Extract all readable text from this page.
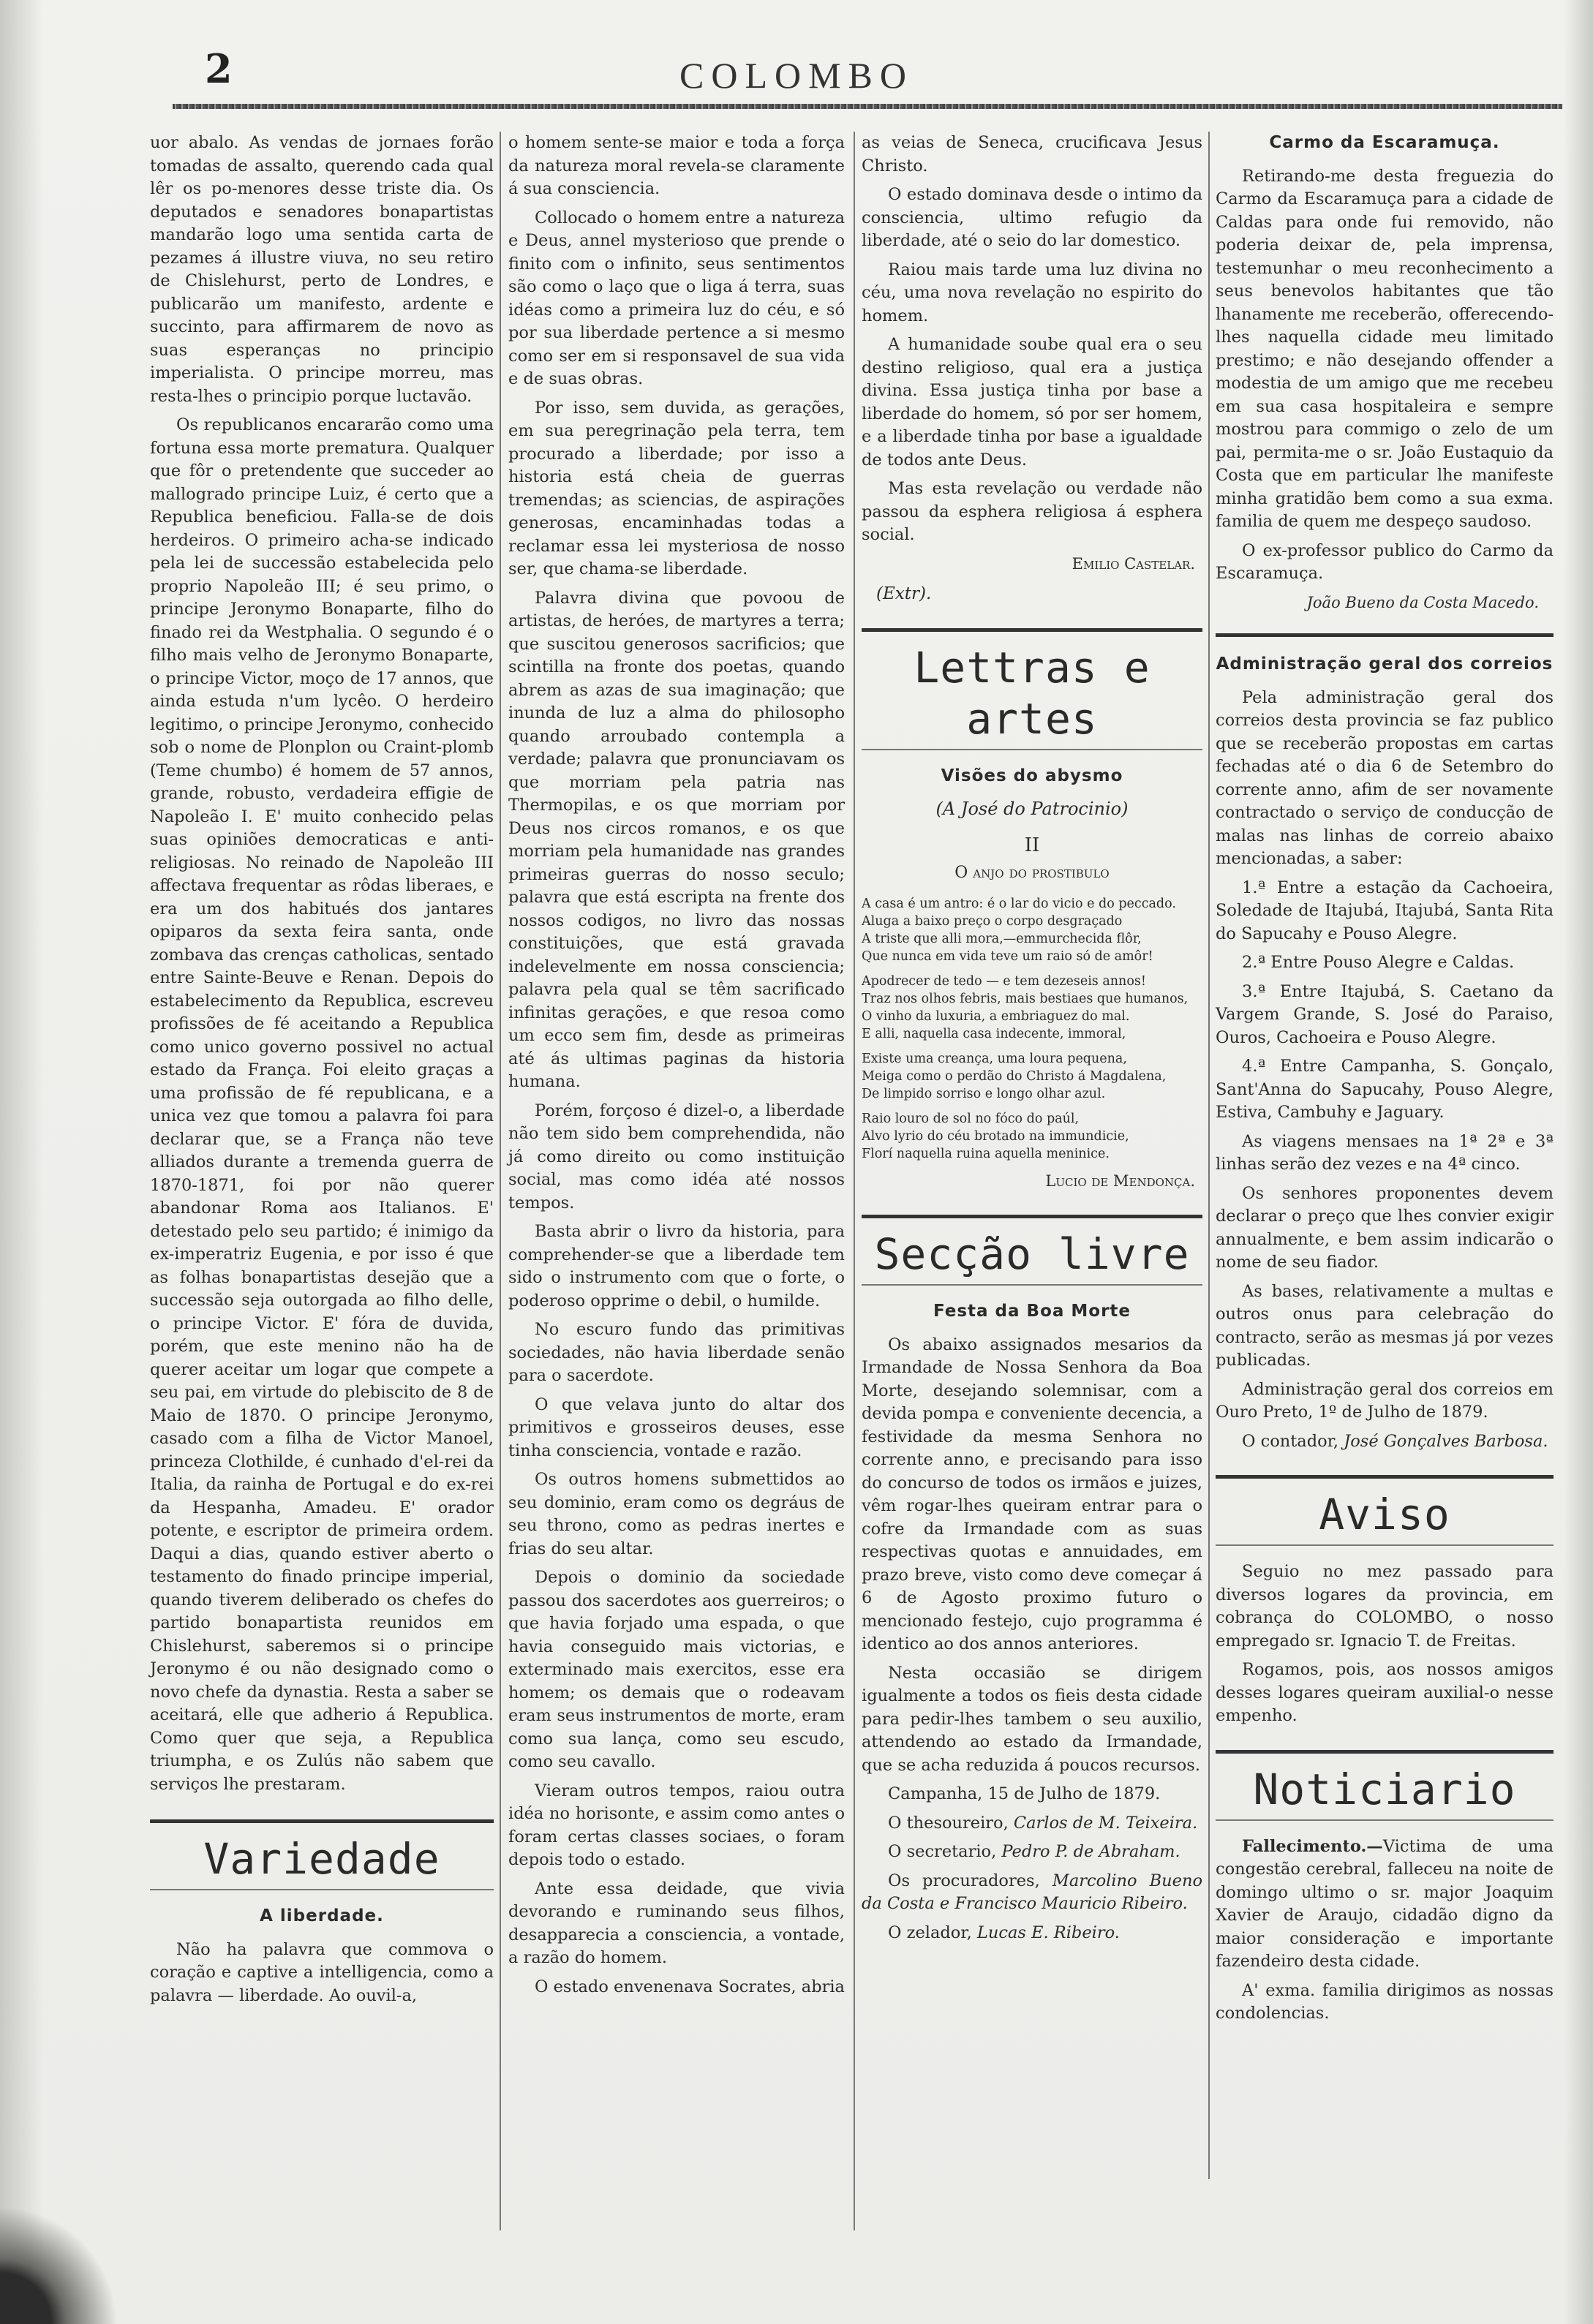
2	COLOMBO

uor abalo. As vendas de jornaes forão tomadas de assalto, querendo cada qual lêr os po-menores desse triste dia. Os deputados e senadores bonapartistas mandarão logo uma sentida carta de pezames á illustre viuva, no seu retiro de Chislehurst, perto de Londres, e publicarão um manifesto, ardente e succinto, para affirmarem de novo as suas esperanças no principio imperialista. O principe morreu, mas resta-lhes o principio porque luctavão.

Os republicanos encararão como uma fortuna essa morte prematura. Qualquer que fôr o pretendente que succeder ao mallogrado principe Luiz, é certo que a Republica beneficiou. Falla-se de dois herdeiros. O primeiro acha-se indicado pela lei de successão estabelecida pelo proprio Napoleão III; é seu primo, o principe Jeronymo Bonaparte, filho do finado rei da Westphalia. O segundo é o filho mais velho de Jeronymo Bonaparte, o principe Victor, moço de 17 annos, que ainda estuda n'um lycêo. O herdeiro legitimo, o principe Jeronymo, conhecido sob o nome de Plonplon ou Craint-plomb (Teme chumbo) é homem de 57 annos, grande, robusto, verdadeira effigie de Napoleão I. E' muito conhecido pelas suas opiniões democraticas e anti-religiosas. No reinado de Napoleão III affectava frequentar as rôdas liberaes, e era um dos habitués dos jantares opiparos da sexta feira santa, onde zombava das crenças catholicas, sentado entre Sainte-Beuve e Renan. Depois do estabelecimento da Republica, escreveu profissões de fé aceitando a Republica como unico governo possivel no actual estado da França. Foi eleito graças a uma profissão de fé republicana, e a unica vez que tomou a palavra foi para declarar que, se a França não teve alliados durante a tremenda guerra de 1870-1871, foi por não querer abandonar Roma aos Italianos. E' detestado pelo seu partido; é inimigo da ex-imperatriz Eugenia, e por isso é que as folhas bonapartistas desejão que a successão seja outorgada ao filho delle, o principe Victor. E' fóra de duvida, porém, que este menino não ha de querer aceitar um logar que compete a seu pai, em virtude do plebiscito de 8 de Maio de 1870. O principe Jeronymo, casado com a filha de Victor Manoel, princeza Clothilde, é cunhado d'el-rei da Italia, da rainha de Portugal e do ex-rei da Hespanha, Amadeu. E' orador potente, e escriptor de primeira ordem. Daqui a dias, quando estiver aberto o testamento do finado principe imperial, quando tiverem deliberado os chefes do partido bonapartista reunidos em Chislehurst, saberemos si o principe Jeronymo é ou não designado como o novo chefe da dynastia. Resta a saber se aceitará, elle que adherio á Republica. Como quer que seja, a Republica triumpha, e os Zulús não sabem que serviços lhe prestaram.

Variedade
A liberdade.

Não ha palavra que commova o coração e captive a intelligencia, como a palavra — liberdade. Ao ouvil-a,

o homem sente-se maior e toda a força da natureza moral revela-se claramente á sua consciencia.

Collocado o homem entre a natureza e Deus, annel mysterioso que prende o finito com o infinito, seus sentimentos são como o laço que o liga á terra, suas idéas como a primeira luz do céu, e só por sua liberdade pertence a si mesmo como ser em si responsavel de sua vida e de suas obras.

Por isso, sem duvida, as gerações, em sua peregrinação pela terra, tem procurado a liberdade; por isso a historia está cheia de guerras tremendas; as sciencias, de aspirações generosas, encaminhadas todas a reclamar essa lei mysteriosa de nosso ser, que chama-se liberdade.

Palavra divina que povoou de artistas, de heróes, de martyres a terra; que suscitou generosos sacrificios; que scintilla na fronte dos poetas, quando abrem as azas de sua imaginação; que inunda de luz a alma do philosopho quando arroubado contempla a verdade; palavra que pronunciavam os que morriam pela patria nas Thermopilas, e os que morriam por Deus nos circos romanos, e os que morriam pela humanidade nas grandes primeiras guerras do nosso seculo; palavra que está escripta na frente dos nossos codigos, no livro das nossas constituições, que está gravada indelevelmente em nossa consciencia; palavra pela qual se têm sacrificado infinitas gerações, e que resoa como um ecco sem fim, desde as primeiras até ás ultimas paginas da historia humana.

Porém, forçoso é dizel-o, a liberdade não tem sido bem comprehendida, não já como direito ou como instituição social, mas como idéa até nossos tempos.

Basta abrir o livro da historia, para comprehender-se que a liberdade tem sido o instrumento com que o forte, o poderoso opprime o debil, o humilde.

No escuro fundo das primitivas sociedades, não havia liberdade senão para o sacerdote.

O que velava junto do altar dos primitivos e grosseiros deuses, esse tinha consciencia, vontade e razão.

Os outros homens submettidos ao seu dominio, eram como os degráus de seu throno, como as pedras inertes e frias do seu altar.

Depois o dominio da sociedade passou dos sacerdotes aos guerreiros; o que havia forjado uma espada, o que havia conseguido mais victorias, e exterminado mais exercitos, esse era homem; os demais que o rodeavam eram seus instrumentos de morte, eram como sua lança, como seu escudo, como seu cavallo.

Vieram outros tempos, raiou outra idéa no horisonte, e assim como antes o foram certas classes sociaes, o foram depois todo o estado.

Ante essa deidade, que vivia devorando e ruminando seus filhos, desapparecia a consciencia, a vontade, a razão do homem.

O estado envenenava Socrates, abria

as veias de Seneca, crucificava Jesus Christo.

O estado dominava desde o intimo da consciencia, ultimo refugio da liberdade, até o seio do lar domestico.

Raiou mais tarde uma luz divina no céu, uma nova revelação no espirito do homem.

A humanidade soube qual era o seu destino religioso, qual era a justiça divina. Essa justiça tinha por base a liberdade do homem, só por ser homem, e a liberdade tinha por base a igualdade de todos ante Deus.

Mas esta revelação ou verdade não passou da esphera religiosa á esphera social.

Emilio Castelar.
(Extr).
Lettras e artes
Visões do abysmo
(A José do Patrocinio)
II
O anjo do prostibulo
A casa é um antro: é o lar do vicio e do peccado.
Aluga a baixo preço o corpo desgraçado
A triste que alli mora,—emmurchecida flôr,
Que nunca em vida teve um raio só de amôr!
Apodrecer de tedo — e tem dezeseis annos!
Traz nos olhos febris, mais bestiaes que humanos,
O vinho da luxuria, a embriaguez do mal.
E alli, naquella casa indecente, immoral,
Existe uma creança, uma loura pequena,
Meiga como o perdão do Christo á Magdalena,
De limpido sorriso e longo olhar azul.
Raio louro de sol no fóco do paúl,
Alvo lyrio do céu brotado na immundicie,
Florí naquella ruina aquella meninice.
Lucio de Mendonça.
Secção livre
Festa da Boa Morte

Os abaixo assignados mesarios da Irmandade de Nossa Senhora da Boa Morte, desejando solemnisar, com a devida pompa e conveniente decencia, a festividade da mesma Senhora no corrente anno, e precisando para isso do concurso de todos os irmãos e juizes, vêm rogar-lhes queiram entrar para o cofre da Irmandade com as suas respectivas quotas e annuidades, em prazo breve, visto como deve começar á 6 de Agosto proximo futuro o mencionado festejo, cujo programma é identico ao dos annos anteriores.

Nesta occasião se dirigem igualmente a todos os fieis desta cidade para pedir-lhes tambem o seu auxilio, attendendo ao estado da Irmandade, que se acha reduzida á poucos recursos.

Campanha, 15 de Julho de 1879.

O thesoureiro, Carlos de M. Teixeira.

O secretario, Pedro P. de Abraham.

Os procuradores, Marcolino Bueno da Costa e Francisco Mauricio Ribeiro.

O zelador, Lucas E. Ribeiro.

Carmo da Escaramuça.

Retirando-me desta freguezia do Carmo da Escaramuça para a cidade de Caldas para onde fui removido, não poderia deixar de, pela imprensa, testemunhar o meu reconhecimento a seus benevolos habitantes que tão lhanamente me receberão, offerecendo-lhes naquella cidade meu limitado prestimo; e não desejando offender a modestia de um amigo que me recebeu em sua casa hospitaleira e sempre mostrou para commigo o zelo de um pai, permita-me o sr. João Eustaquio da Costa que em particular lhe manifeste minha gratidão bem como a sua exma. familia de quem me despeço saudoso.

O ex-professor publico do Carmo da Escaramuça.

João Bueno da Costa Macedo.
Administração geral dos correios

Pela administração geral dos correios desta provincia se faz publico que se receberão propostas em cartas fechadas até o dia 6 de Setembro do corrente anno, afim de ser novamente contractado o serviço de conducção de malas nas linhas de correio abaixo mencionadas, a saber:

1.ª Entre a estação da Cachoeira, Soledade de Itajubá, Itajubá, Santa Rita do Sapucahy e Pouso Alegre.

2.ª Entre Pouso Alegre e Caldas.

3.ª Entre Itajubá, S. Caetano da Vargem Grande, S. José do Paraiso, Ouros, Cachoeira e Pouso Alegre.

4.ª Entre Campanha, S. Gonçalo, Sant'Anna do Sapucahy, Pouso Alegre, Estiva, Cambuhy e Jaguary.

As viagens mensaes na 1ª 2ª e 3ª linhas serão dez vezes e na 4ª cinco.

Os senhores proponentes devem declarar o preço que lhes convier exigir annualmente, e bem assim indicarão o nome de seu fiador.

As bases, relativamente a multas e outros onus para celebração do contracto, serão as mesmas já por vezes publicadas.

Administração geral dos correios em Ouro Preto, 1º de Julho de 1879.

O contador, José Gonçalves Barbosa.

Aviso

Seguio no mez passado para diversos logares da provincia, em cobrança do COLOMBO, o nosso empregado sr. Ignacio T. de Freitas.

Rogamos, pois, aos nossos amigos desses logares queiram auxilial-o nesse empenho.

Noticiario

Fallecimento.—Victima de uma congestão cerebral, falleceu na noite de domingo ultimo o sr. major Joaquim Xavier de Araujo, cidadão digno da maior consideração e importante fazendeiro desta cidade.

A' exma. familia dirigimos as nossas condolencias.
